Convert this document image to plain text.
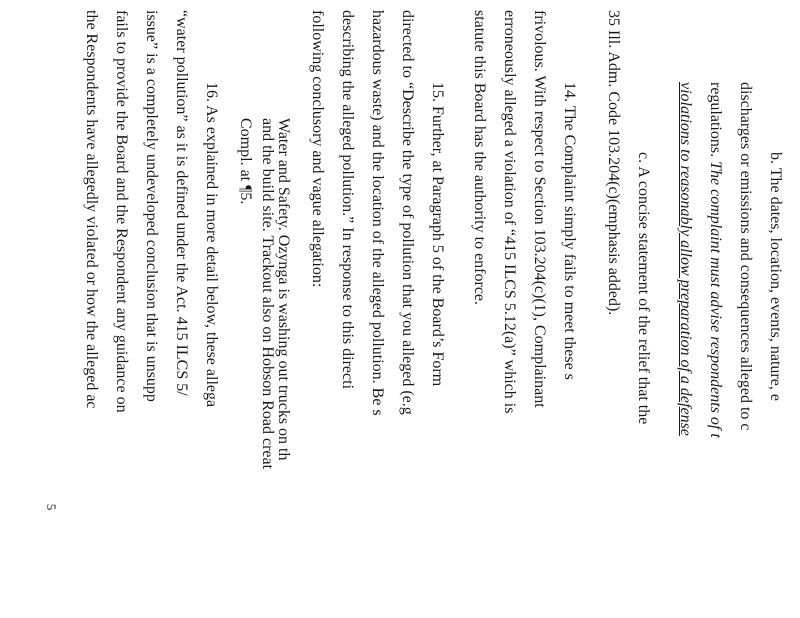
b. The dates, location, events, nature, e
discharges or emissions and consequences alleged to c
regulations. The complaint must advise respondents of t
violations to reasonably allow preparation of a defense
c. A concise statement of the relief that the
35 Ill. Adm. Code 103.204(c)(emphasis added).
14. The Complaint simply fails to meet these s
frivolous. With respect to Section 103.204(c)(1), Complainant
erroneously alleged a violation of “415 ILCS 5.12(a)” which is
statute this Board has the authority to enforce.
15. Further, at Paragraph 5 of the Board’s Form
directed to “Describe the type of pollution that you alleged (e.g
hazardous waste) and the location of the alleged pollution. Be s
describing the alleged pollution.” In response to this directi
following conclusory and vague allegation:
Water and Safety. Ozynga is washing out trucks on th
and the build site. Trackout also on Hobson Road creat
Compl. at ¶5.
16. As explained in more detail below, these allega
“water pollution” as it is defined under the Act. 415 ILCS 5/
issue” is a completely undeveloped conclusion that is unsupp
fails to provide the Board and the Respondent any guidance on
the Respondents have allegedly violated or how the alleged ac
5
